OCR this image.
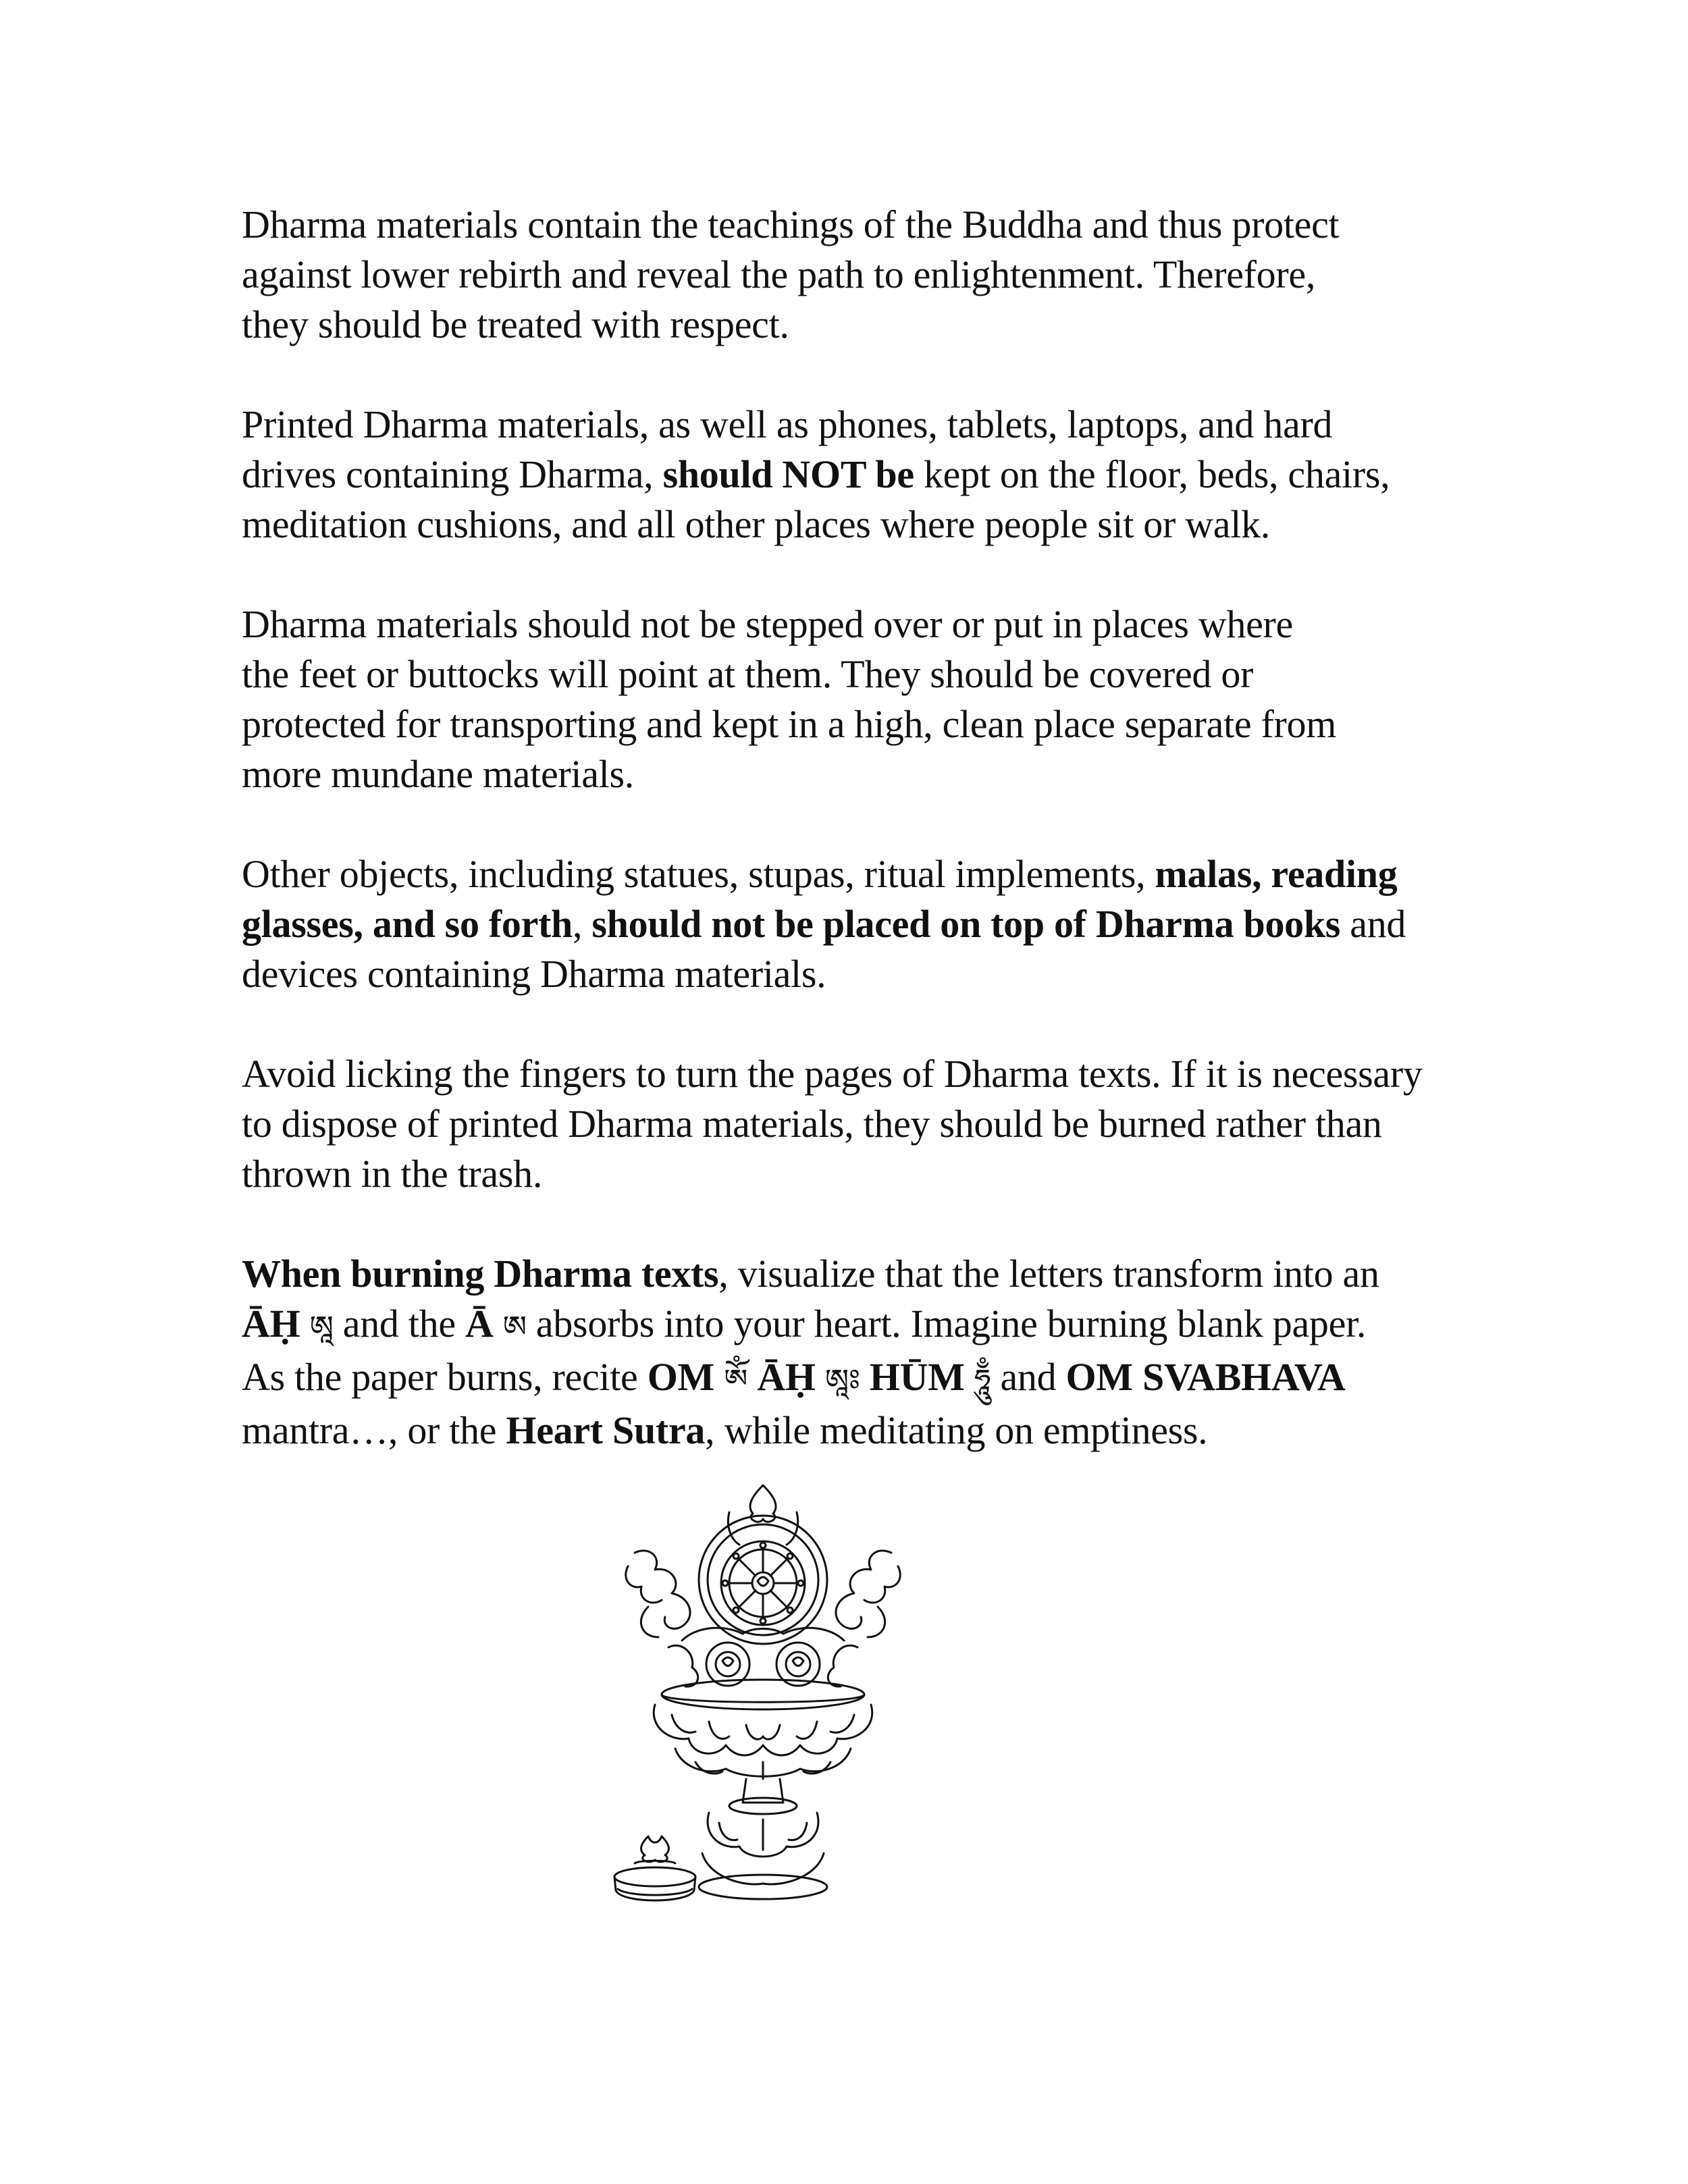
Dharma materials contain the teachings of the Buddha and thus protect
against lower rebirth and reveal the path to enlightenment. Therefore,
they should be treated with respect.

Printed Dharma materials, as well as phones, tablets, laptops, and hard
drives containing Dharma, should NOT be kept on the floor, beds, chairs,
meditation cushions, and all other places where people sit or walk.

Dharma materials should not be stepped over or put in places where
the feet or buttocks will point at them. They should be covered or
protected for transporting and kept in a high, clean place separate from
more mundane materials.

Other objects, including statues, stupas, ritual implements, malas, reading
glasses, and so forth, should not be placed on top of Dharma books and
devices containing Dharma materials.

Avoid licking the fingers to turn the pages of Dharma texts. If it is necessary
to dispose of printed Dharma materials, they should be burned rather than
thrown in the trash.

When burning Dharma texts, visualize that the letters transform into an
ĀḤ ཨཱ and the Ā ཨ absorbs into your heart. Imagine burning blank paper.
As the paper burns, recite OM ཨོཾ ĀḤ ཨཱཿ HŪM ཧཱུྃ and OM SVABHAVA
mantra…, or the Heart Sutra, while meditating on emptiness.
